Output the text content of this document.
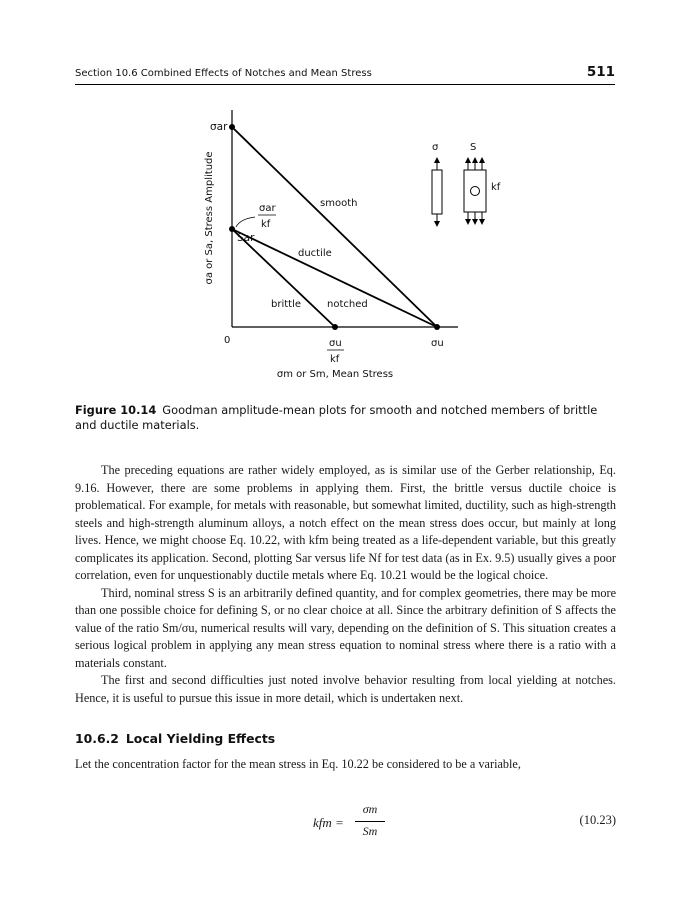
Section 10.6 Combined Effects of Notches and Mean Stress	511
σa or Sa, Stress Amplitude
σar
Sar
σar
kf
smooth
ductile
brittle	notched
0	σu
kf
σu
σm or Sm, Mean Stress
σ	S
kf
Figure 10.14 Goodman amplitude-mean plots for smooth and notched members of brittle and ductile materials.

The preceding equations are rather widely employed, as is similar use of the Gerber relationship, Eq. 9.16. However, there are some problems in applying them. First, the brittle versus ductile choice is problematical. For example, for metals with reasonable, but somewhat limited, ductility, such as high-strength steels and high-strength aluminum alloys, a notch effect on the mean stress does occur, but mainly at long lives. Hence, we might choose Eq. 10.22, with kfm being treated as a life-dependent variable, but this greatly complicates its application. Second, plotting Sar versus life Nf for test data (as in Ex. 9.5) usually gives a poor correlation, even for unquestionably ductile metals where Eq. 10.21 would be the logical choice.

Third, nominal stress S is an arbitrarily defined quantity, and for complex geometries, there may be more than one possible choice for defining S, or no clear choice at all. Since the arbitrary definition of S affects the value of the ratio Sm/σu, numerical results will vary, depending on the definition of S. This situation creates a serious logical problem in applying any mean stress equation to nominal stress where there is a ratio with a materials constant.

The first and second difficulties just noted involve behavior resulting from local yielding at notches. Hence, it is useful to pursue this issue in more detail, which is undertaken next.

10.6.2 Local Yielding Effects

Let the concentration factor for the mean stress in Eq. 10.22 be considered to be a variable,

kfm =
σm
Sm
(10.23)
